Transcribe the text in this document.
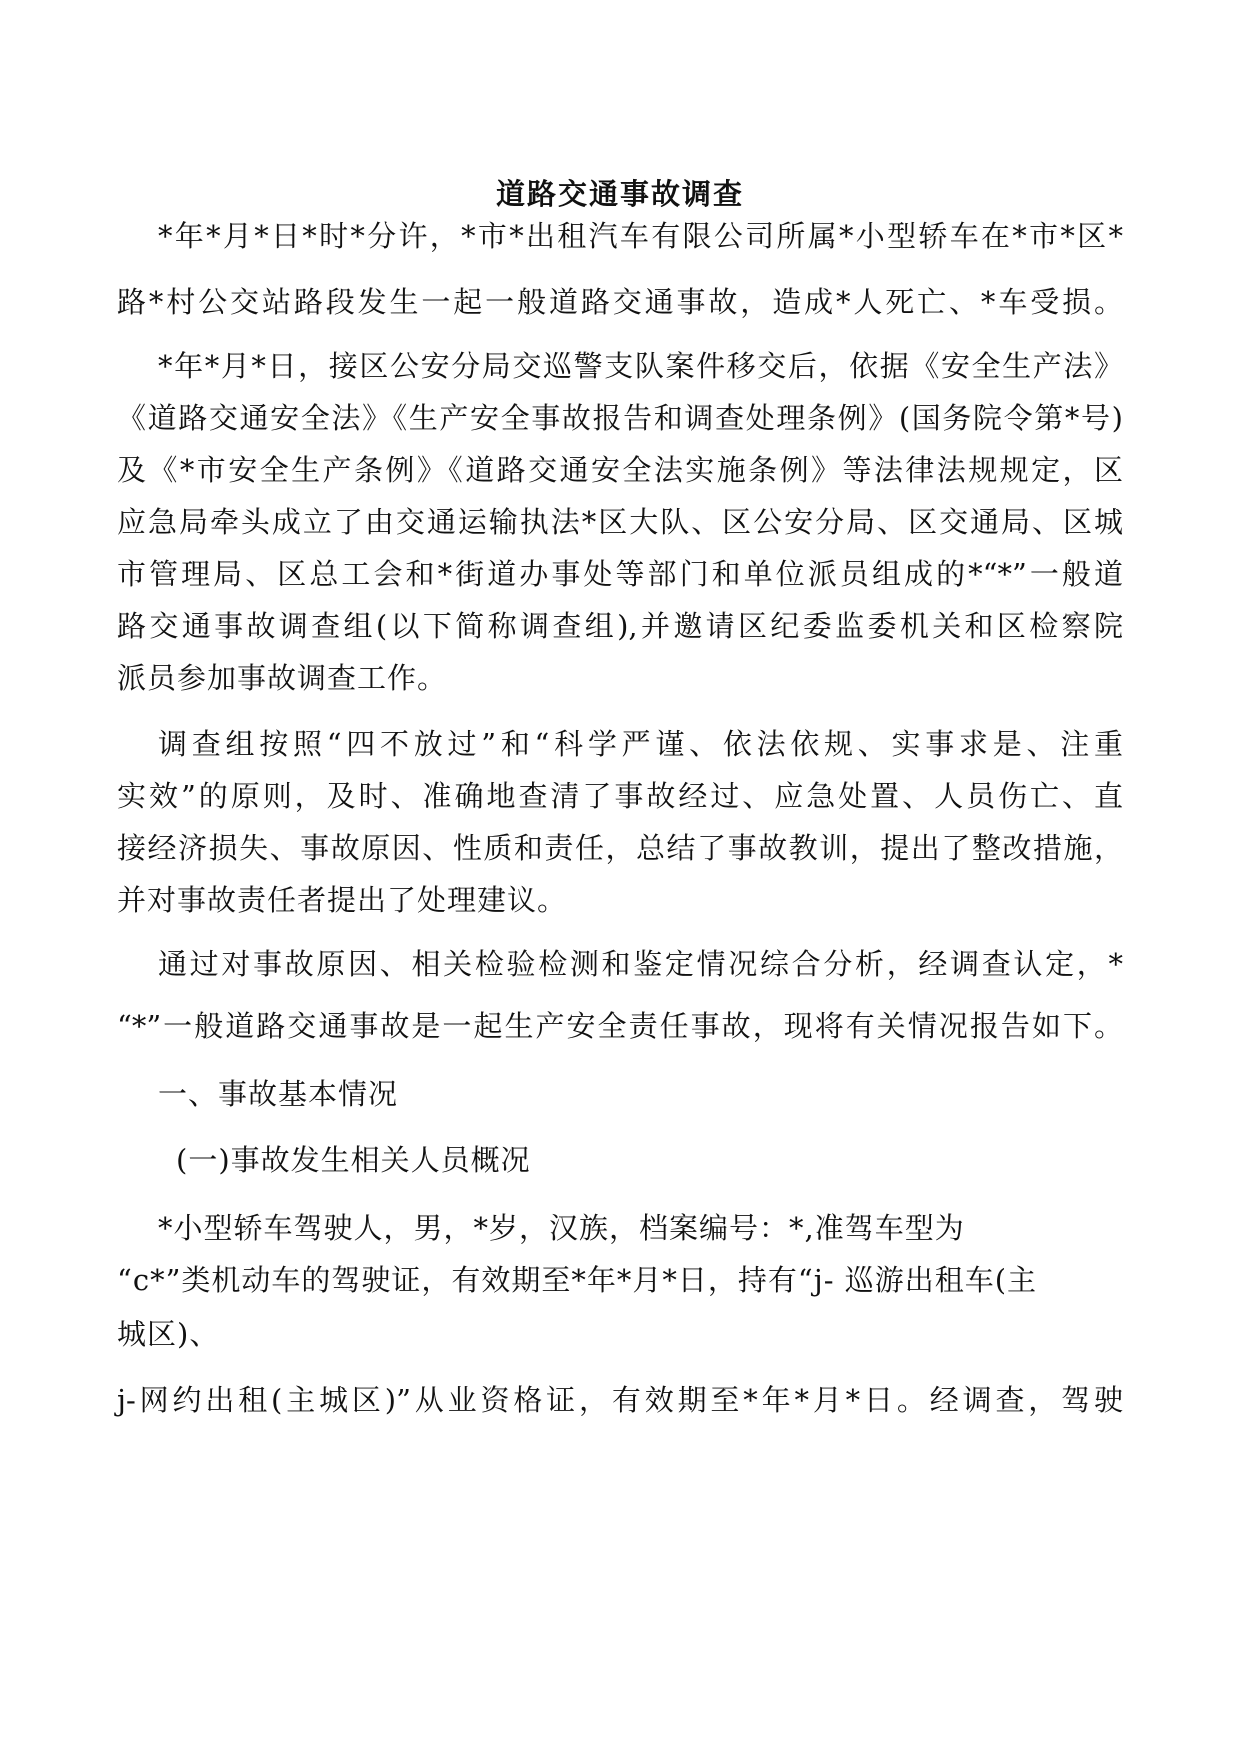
道路交通事故调查
*年*月*日*时*分许，*市*出租汽车有限公司所属*小型轿车在*市*区*
路*村公交站路段发生一起一般道路交通事故，造成*人死亡、*车受损。
*年*月*日，接区公安分局交巡警支队案件移交后，依据《安全生产法》
《道路交通安全法》《生产安全事故报告和调查处理条例》(国务院令第*号)
及《*市安全生产条例》《道路交通安全法实施条例》等法律法规规定，区
应急局牵头成立了由交通运输执法*区大队、区公安分局、区交通局、区城
市管理局、区总工会和*街道办事处等部门和单位派员组成的*“*”一般道
路交通事故调查组(以下简称调查组),并邀请区纪委监委机关和区检察院
派员参加事故调查工作。
调查组按照“四不放过”和“科学严谨、依法依规、实事求是、注重
实效”的原则，及时、准确地查清了事故经过、应急处置、人员伤亡、直
接经济损失、事故原因、性质和责任，总结了事故教训，提出了整改措施，
并对事故责任者提出了处理建议。
通过对事故原因、相关检验检测和鉴定情况综合分析，经调查认定，*
“*”一般道路交通事故是一起生产安全责任事故，现将有关情况报告如下。
一、事故基本情况
(一)事故发生相关人员概况
*小型轿车驾驶人，男，*岁，汉族，档案编号：*,准驾车型为
“c*”类机动车的驾驶证，有效期至*年*月*日，持有“j- 巡游出租车(主
城区)、
j-网约出租(主城区)”从业资格证，有效期至*年*月*日。经调查，驾驶
